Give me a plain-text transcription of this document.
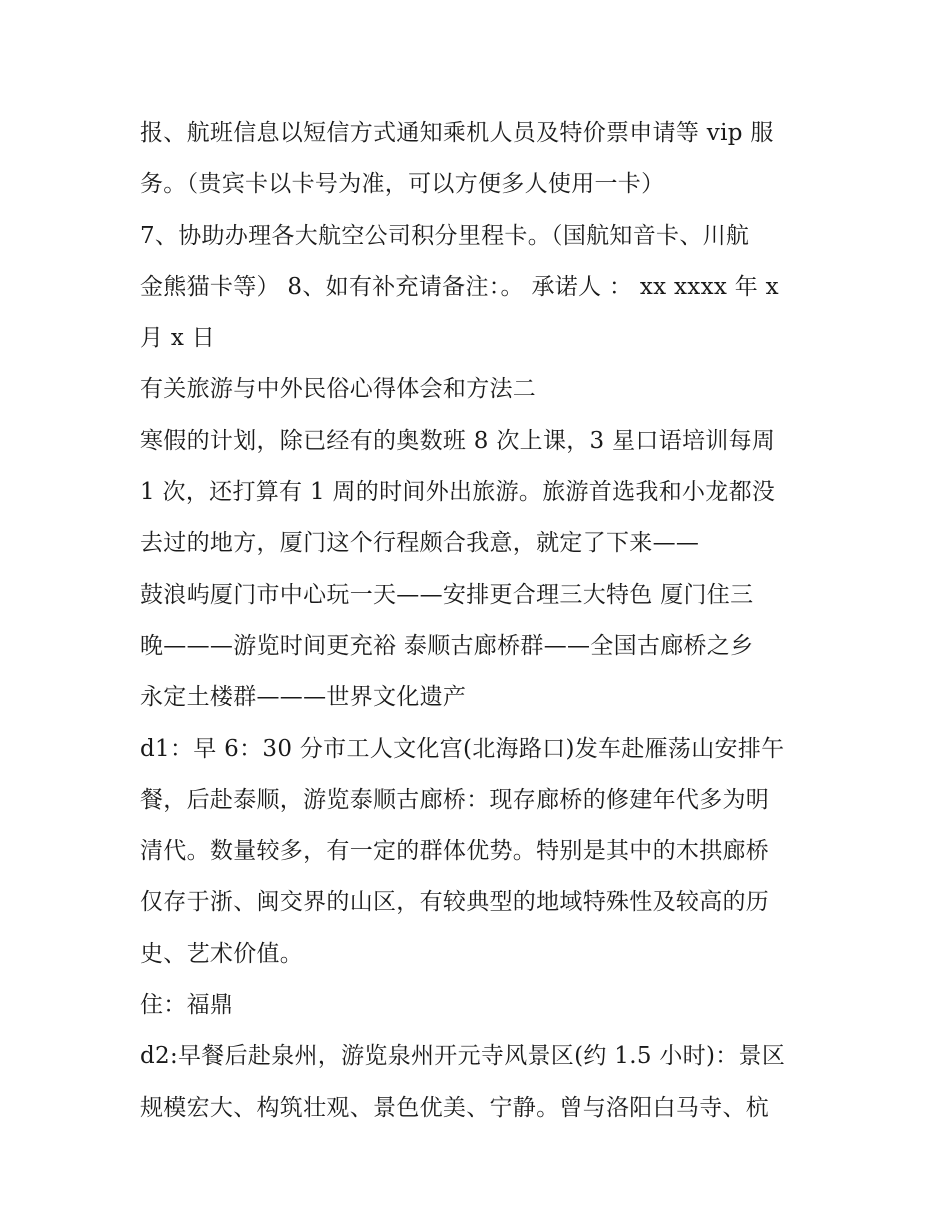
报、航班信息以短信方式通知乘机人员及特价票申请等 vip 服
务。（贵宾卡以卡号为准，可以方便多人使用一卡）
7、协助办理各大航空公司积分里程卡。（国航知音卡、川航
金熊猫卡等） 8、如有补充请备注：。 承诺人 ： xx xxxx 年 x
月 x 日
有关旅游与中外民俗心得体会和方法二
寒假的计划，除已经有的奥数班 8 次上课，3 星口语培训每周
1 次，还打算有 1 周的时间外出旅游。旅游首选我和小龙都没
去过的地方，厦门这个行程颇合我意，就定了下来——
鼓浪屿厦门市中心玩一天——安排更合理三大特色 厦门住三
晚———游览时间更充裕 泰顺古廊桥群——全国古廊桥之乡
永定土楼群———世界文化遗产
d1：早 6：30 分市工人文化宫(北海路口)发车赴雁荡山安排午
餐，后赴泰顺，游览泰顺古廊桥：现存廊桥的修建年代多为明
清代。数量较多，有一定的群体优势。特别是其中的木拱廊桥
仅存于浙、闽交界的山区，有较典型的地域特殊性及较高的历
史、艺术价值。
住：福鼎
d2:早餐后赴泉州，游览泉州开元寺风景区(约 1.5 小时)：景区
规模宏大、构筑壮观、景色优美、宁静。曾与洛阳白马寺、杭
